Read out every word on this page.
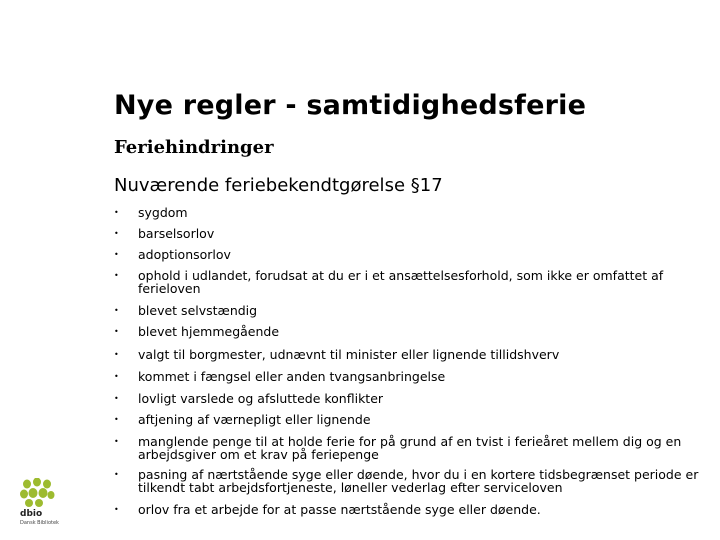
Nye regler - samtidighedsferie
Feriehindringer
Nuværende feriebekendtgørelse §17
• sygdom
• barselsorlov
• adoptionsorlov
• ophold i udlandet, forudsat at du er i et ansættelsesforhold, som ikke er omfattet af ferieloven
• blevet selvstændig
• blevet hjemmegående
• valgt til borgmester, udnævnt til minister eller lignende tillidshverv
• kommet i fængsel eller anden tvangsanbringelse
• lovligt varslede og afsluttede konflikter
• aftjening af værnepligt eller lignende
• manglende penge til at holde ferie for på grund af en tvist i ferieåret mellem dig og en arbejdsgiver om et krav på feriepenge
• pasning af nærtstående syge eller døende, hvor du i en kortere tidsbegrænset periode er tilkendt tabt arbejdsfortjeneste, løneller vederlag efter serviceloven
• orlov fra et arbejde for at passe nærtstående syge eller døende.
dbio
Dansk Bibliotek
